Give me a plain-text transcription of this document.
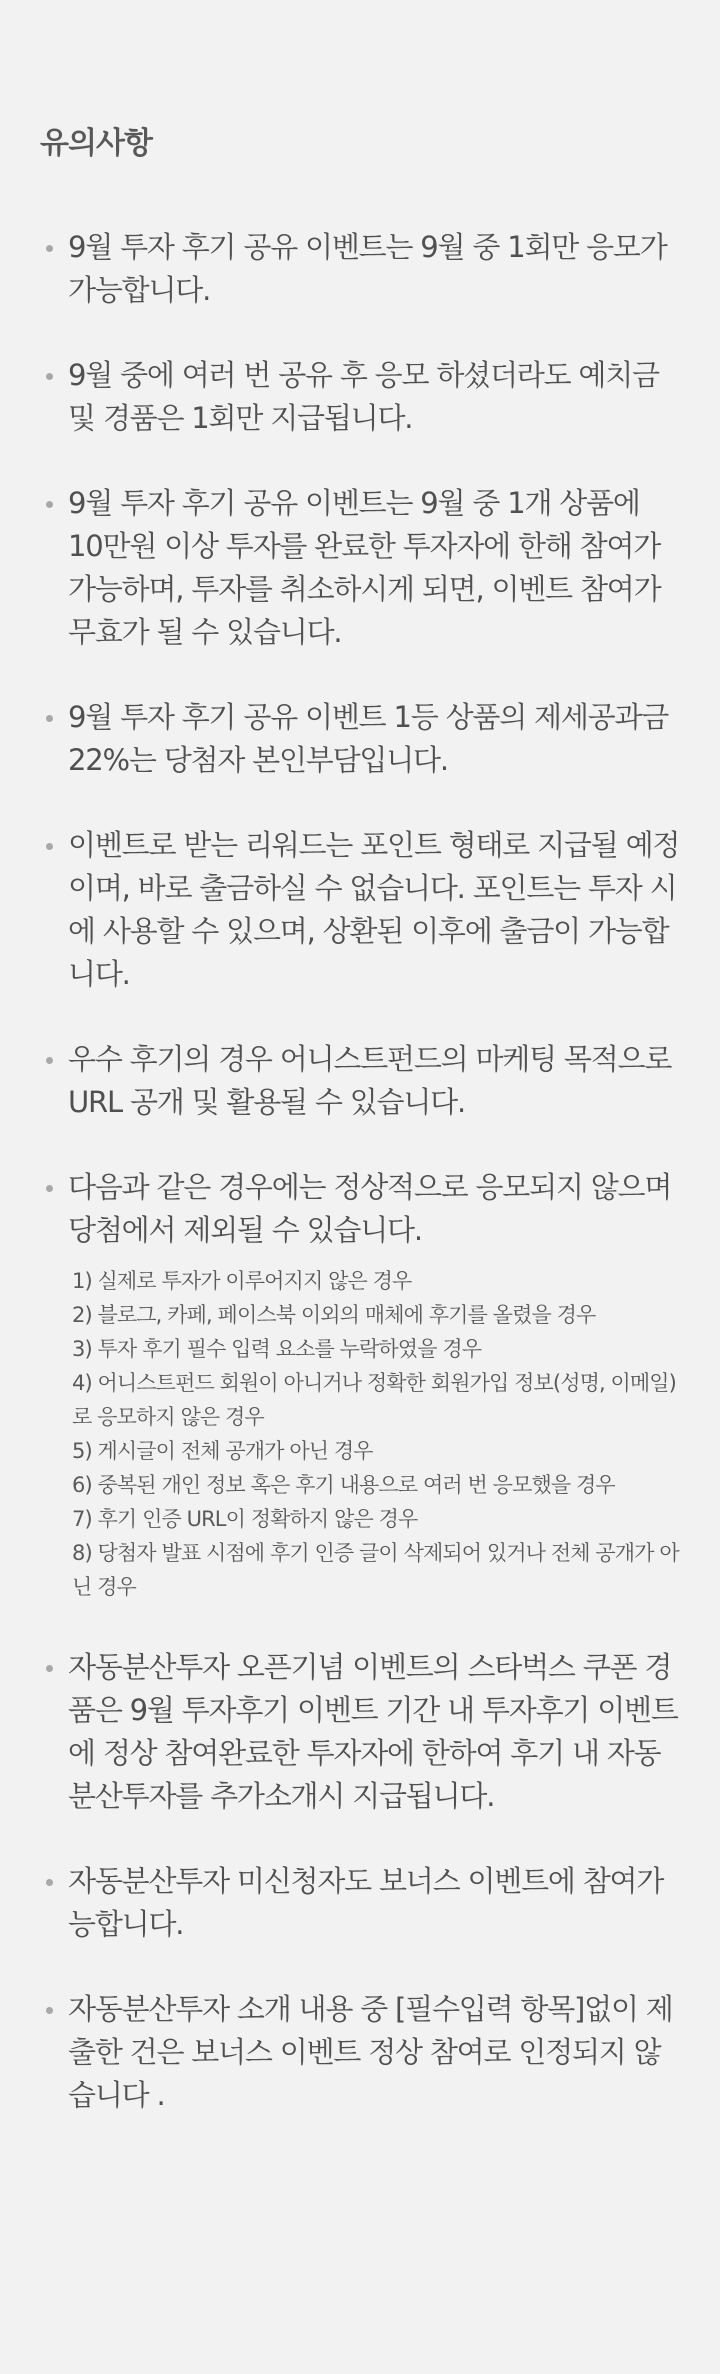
유의사항
9월 투자 후기 공유 이벤트는 9월 중 1회만 응모가 가능합니다.
9월 중에 여러 번 공유 후 응모 하셨더라도 예치금 및 경품은 1회만 지급됩니다.
9월 투자 후기 공유 이벤트는 9월 중 1개 상품에 10만원 이상 투자를 완료한 투자자에 한해 참여가 가능하며, 투자를 취소하시게 되면, 이벤트 참여가 무효가 될 수 있습니다.
9월 투자 후기 공유 이벤트 1등 상품의 제세공과금 22%는 당첨자 본인부담입니다.
이벤트로 받는 리워드는 포인트 형태로 지급될 예정이며, 바로 출금하실 수 없습니다. 포인트는 투자 시에 사용할 수 있으며, 상환된 이후에 출금이 가능합니다.
우수 후기의 경우 어니스트펀드의 마케팅 목적으로 URL 공개 및 활용될 수 있습니다.
다음과 같은 경우에는 정상적으로 응모되지 않으며 당첨에서 제외될 수 있습니다.
1) 실제로 투자가 이루어지지 않은 경우
2) 블로그, 카페, 페이스북 이외의 매체에 후기를 올렸을 경우
3) 투자 후기 필수 입력 요소를 누락하였을 경우
4) 어니스트펀드 회원이 아니거나 정확한 회원가입 정보(성명, 이메일)로 응모하지 않은 경우
5) 게시글이 전체 공개가 아닌 경우
6) 중복된 개인 정보 혹은 후기 내용으로 여러 번 응모했을 경우
7) 후기 인증 URL이 정확하지 않은 경우
8) 당첨자 발표 시점에 후기 인증 글이 삭제되어 있거나 전체 공개가 아닌 경우
자동분산투자 오픈기념 이벤트의 스타벅스 쿠폰 경품은 9월 투자후기 이벤트 기간 내 투자후기 이벤트에 정상 참여완료한 투자자에 한하여 후기 내 자동분산투자를 추가소개시 지급됩니다.
자동분산투자 미신청자도 보너스 이벤트에 참여가 능합니다.
자동분산투자 소개 내용 중 [필수입력 항목]없이 제출한 건은 보너스 이벤트 정상 참여로 인정되지 않습니다 .
